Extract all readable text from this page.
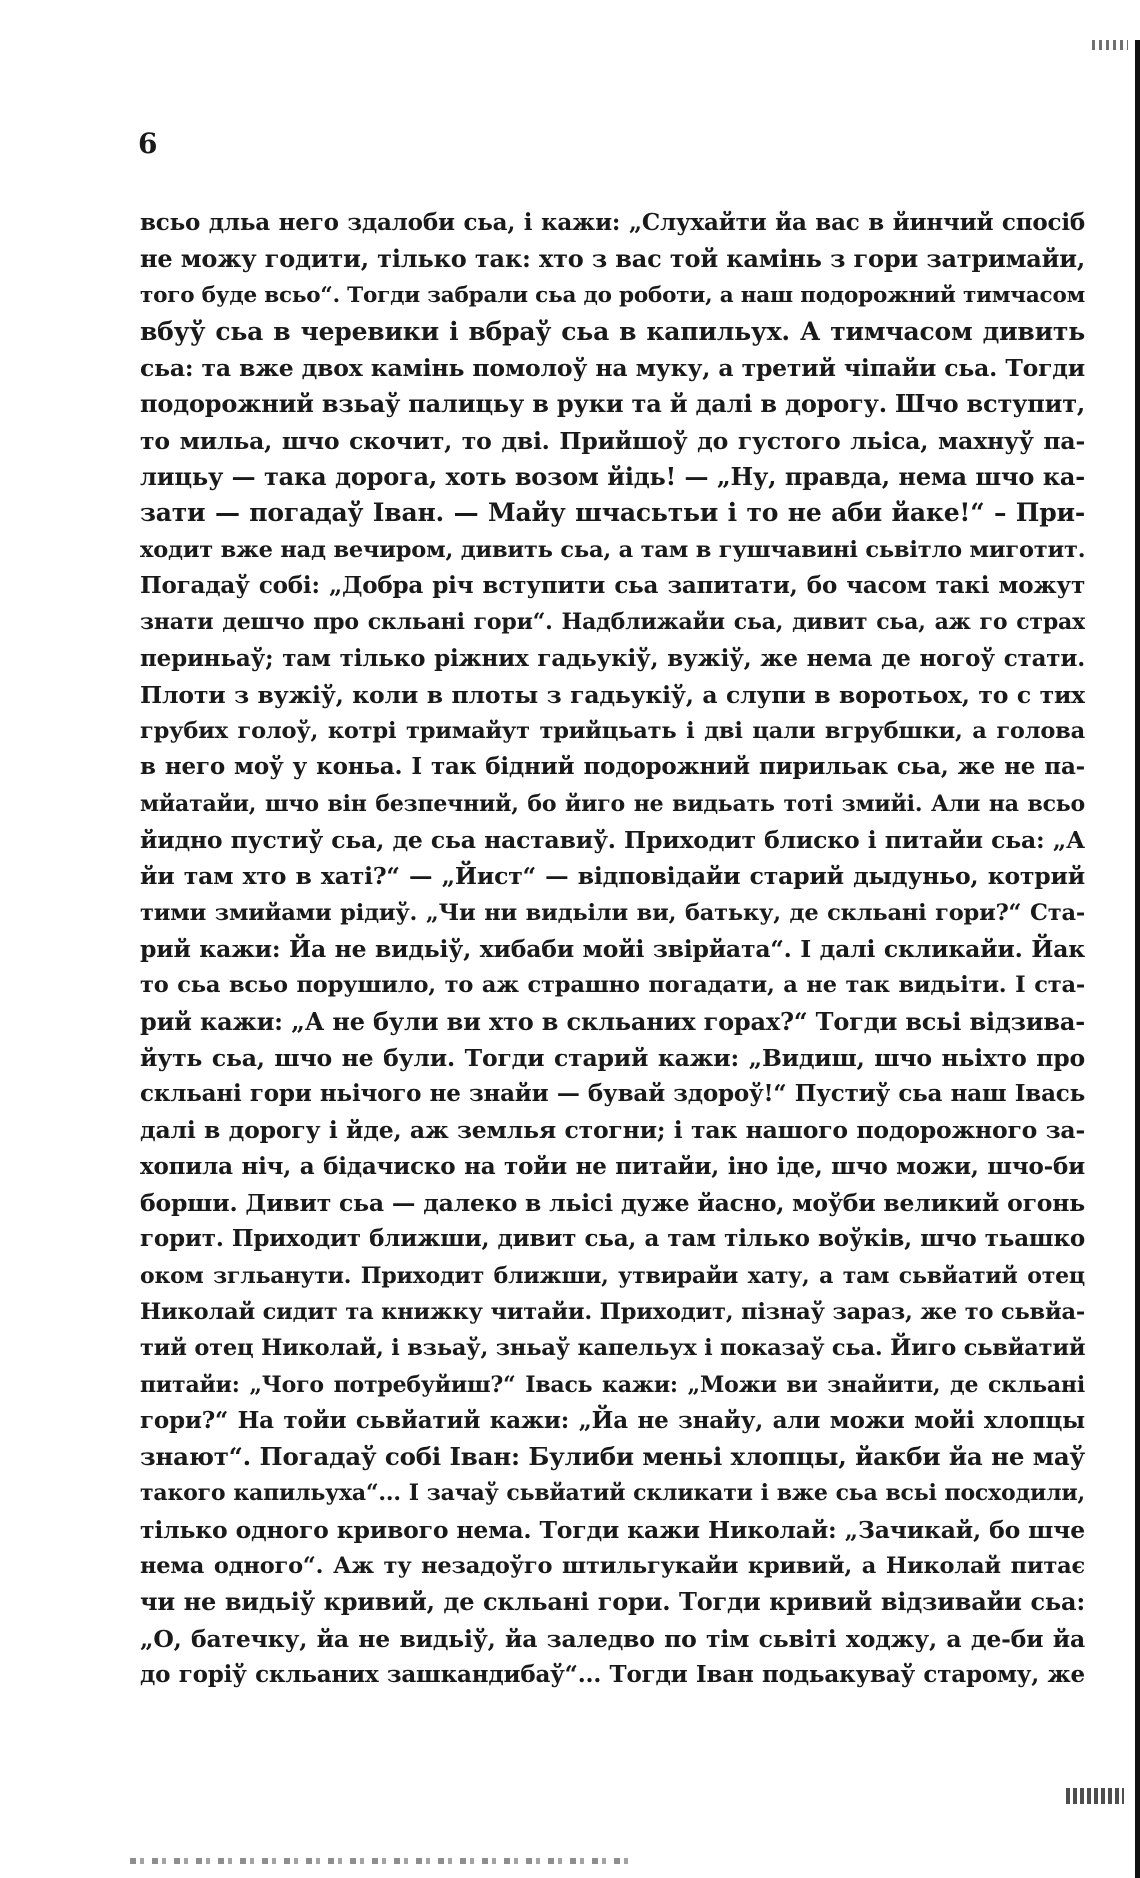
6
всьо дльа него здалоби сьа, і кажи: „Слухайти йа вас в йинчий спосіб
не можу годити, тілько так: хто з вас той камінь з гори затримайи,
того буде всьо“. Тогди забрали сьа до роботи, а наш подорожний тимчасом
вбуў сьа в черевики і вбраў сьа в капильух. А тимчасом дивить
сьа: та вже двох камінь помолоў на муку, а третий чіпайи сьа. Тогди
подорожний взьаў палицьу в руки та й далі в дорогу. Шчо вступит,
то мильа, шчо скочит, то дві. Прийшоў до густого льіса, махнуў па-
лицьу — така дорога, хоть возом йідь! — „Ну, правда, нема шчо ка-
зати — погадаў Іван. — Майу шчасьтьи і то не аби йаке!“ – При-
ходит вже над вечиром, дивить сьа, а там в гушчавині сьвітло миготит.
Погадаў собі: „Добра річ вступити сьа запитати, бо часом такі можут
знати дешчо про скльані гори“. Надближайи сьа, дивит сьа, аж го страх
периньаў; там тілько ріжних гадьукіў, вужіў, же нема де ногоў стати.
Плоти з вужіў, коли в плоты з гадьукіў, а слупи в воротьох, то с тих
грубих голоў, котрі тримайут трийцьать і дві цали вгрубшки, а голова
в него моў у коньа. І так бідний подорожний пирильак сьа, же не па-
мйатайи, шчо він безпечний, бо йиго не видьать тоті змийі. Али на всьо
йидно пустиў сьа, де сьа наставиў. Приходит блиско і питайи сьа: „А
йи там хто в хаті?“ — „Йист“ — відповідайи старий дыдуньо, котрий
тими змийами рідиў. „Чи ни видьіли ви, батьку, де скльані гори?“ Ста-
рий кажи: Йа не видьіў, хибаби мойі звірйата“. І далі скликайи. Йак
то сьа всьо порушило, то аж страшно погадати, а не так видьіти. І ста-
рий кажи: „А не були ви хто в скльаних горах?“ Тогди всьі відзива-
йуть сьа, шчо не були. Тогди старий кажи: „Видиш, шчо ньіхто про
скльані гори ньічого не знайи — бувай здороў!“ Пустиў сьа наш Івась
далі в дорогу і йде, аж землья стогни; і так нашого подорожного за-
хопила ніч, а бідачиско на тойи не питайи, іно іде, шчо можи, шчо-би
борши. Дивит сьа — далеко в льісі дуже йасно, моўби великий огонь
горит. Приходит ближши, дивит сьа, а там тілько воўків, шчо тьашко
оком згльанути. Приходит ближши, утвирайи хату, а там сьвйатий отец
Николай сидит та книжку читайи. Приходит, пізнаў зараз, же то сьвйа-
тий отец Николай, і взьаў, зньаў капельух і показаў сьа. Йиго сьвйатий
питайи: „Чого потребуйиш?“ Івась кажи: „Можи ви знайити, де скльані
гори?“ На тойи сьвйатий кажи: „Йа не знайу, али можи мойі хлопцы
знают“. Погадаў собі Іван: Булиби меньі хлопцы, йакби йа не маў
такого капильуха“... І зачаў сьвйатий скликати і вже сьа всьі посходили,
тілько одного кривого нема. Тогди кажи Николай: „Зачикай, бо шче
нема одного“. Аж ту незадоўго штильгукайи кривий, а Николай питає
чи не видьіў кривий, де скльані гори. Тогди кривий відзивайи сьа:
„О, батечку, йа не видьіў, йа заледво по тім сьвіті ходжу, а де-би йа
до горіў скльаних зашкандибаў“... Тогди Іван подьакуваў старому, же
